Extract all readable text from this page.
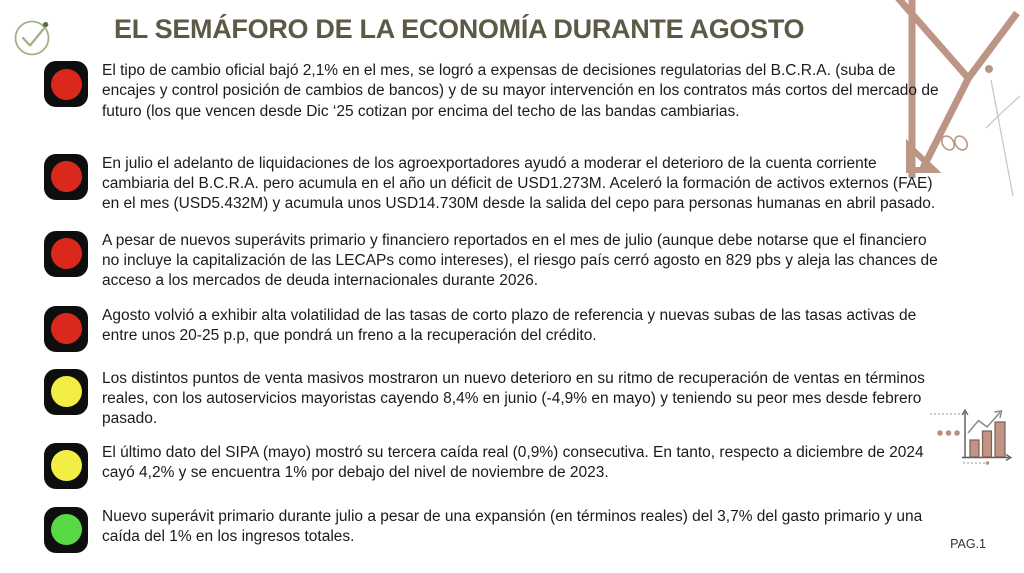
EL SEMÁFORO DE LA ECONOMÍA DURANTE AGOSTO

El tipo de cambio oficial bajó 2,1% en el mes, se logró a expensas de decisiones regulatorias del B.C.R.A. (suba de encajes y control posición de cambios de bancos) y de su mayor intervención en los contratos más cortos del mercado de futuro (los que vencen desde Dic ‘25 cotizan por encima del techo de las bandas cambiarias.

En julio el adelanto de liquidaciones de los agroexportadores ayudó a moderar el deterioro de la cuenta corriente cambiaria del B.C.R.A. pero acumula en el año un déficit de USD1.273M. Aceleró la formación de activos externos (FAE) en el mes (USD5.432M) y acumula unos USD14.730M desde la salida del cepo para personas humanas en abril pasado.

A pesar de nuevos superávits primario y financiero reportados en el mes de julio (aunque debe notarse que el financiero no incluye la capitalización de las LECAPs como intereses), el riesgo país cerró agosto en 829 pbs y aleja las chances de acceso a los mercados de deuda internacionales durante 2026.

Agosto volvió a exhibir alta volatilidad de las tasas de corto plazo de referencia y nuevas subas de las tasas activas de entre unos 20-25 p.p, que pondrá un freno a la recuperación del crédito.

Los distintos puntos de venta masivos mostraron un nuevo deterioro en su ritmo de recuperación de ventas en términos reales, con los autoservicios mayoristas cayendo 8,4% en junio (-4,9% en mayo) y teniendo su peor mes desde febrero pasado.

El último dato del SIPA (mayo) mostró su tercera caída real (0,9%) consecutiva. En tanto, respecto a diciembre de 2024 cayó 4,2% y se encuentra 1% por debajo del nivel de noviembre de 2023.

Nuevo superávit primario durante julio a pesar de una expansión (en términos reales) del 3,7% del gasto primario y una caída del 1% en los ingresos totales.	PAG.1
